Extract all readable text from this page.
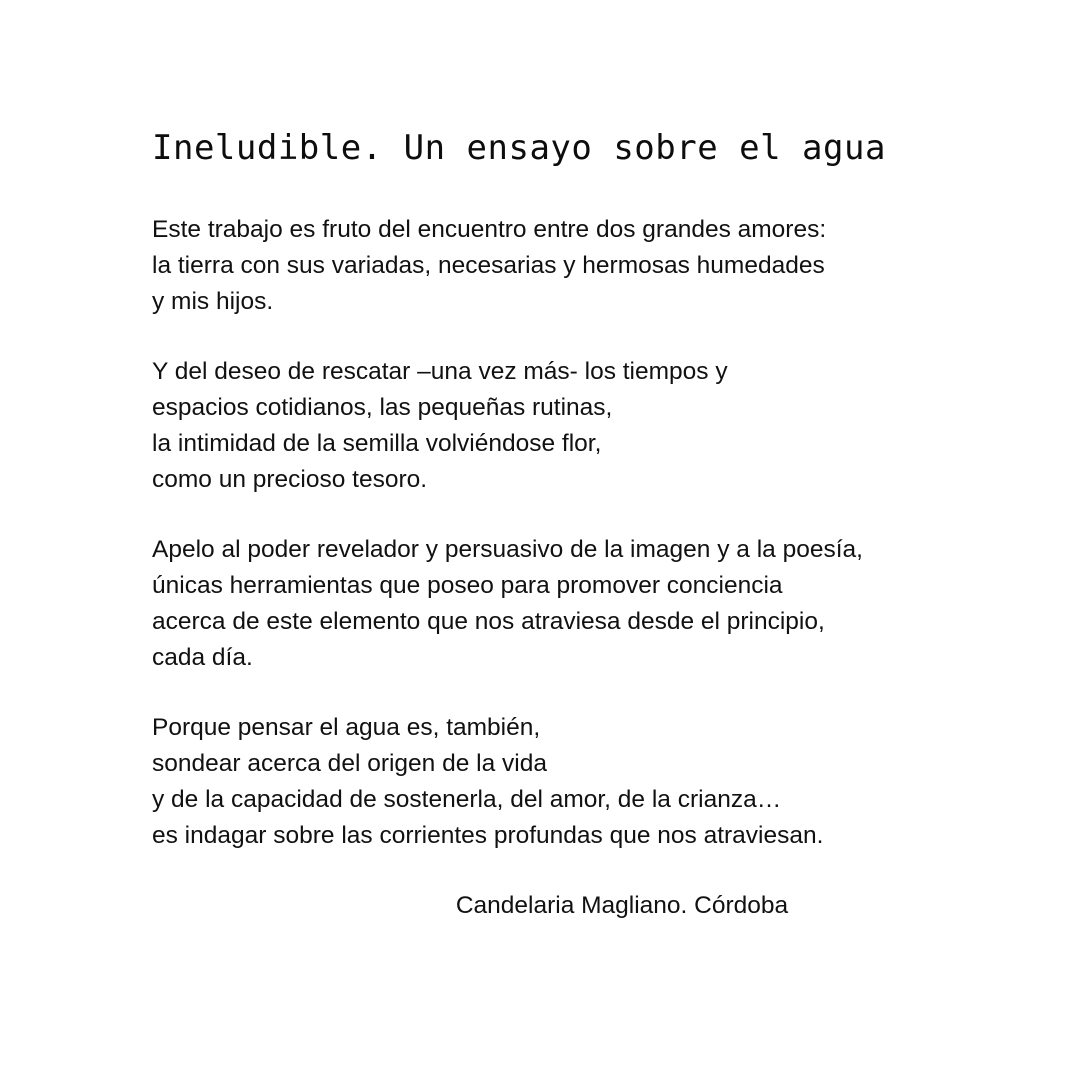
Ineludible. Un ensayo sobre el agua
Este trabajo es fruto del encuentro entre dos grandes amores:
la tierra con sus variadas, necesarias y hermosas humedades
y mis hijos.
Y del deseo de rescatar –una vez más- los tiempos y
espacios cotidianos, las pequeñas rutinas,
la intimidad de la semilla volviéndose flor,
como un precioso tesoro.
Apelo al poder revelador y persuasivo de la imagen y a la poesía,
únicas herramientas que poseo para promover conciencia
acerca de este elemento que nos atraviesa desde el principio,
cada día.
Porque pensar el agua es, también,
sondear acerca del origen de la vida
y de la capacidad de sostenerla, del amor, de la crianza…
es indagar sobre las corrientes profundas que nos atraviesan.
Candelaria Magliano. Córdoba
